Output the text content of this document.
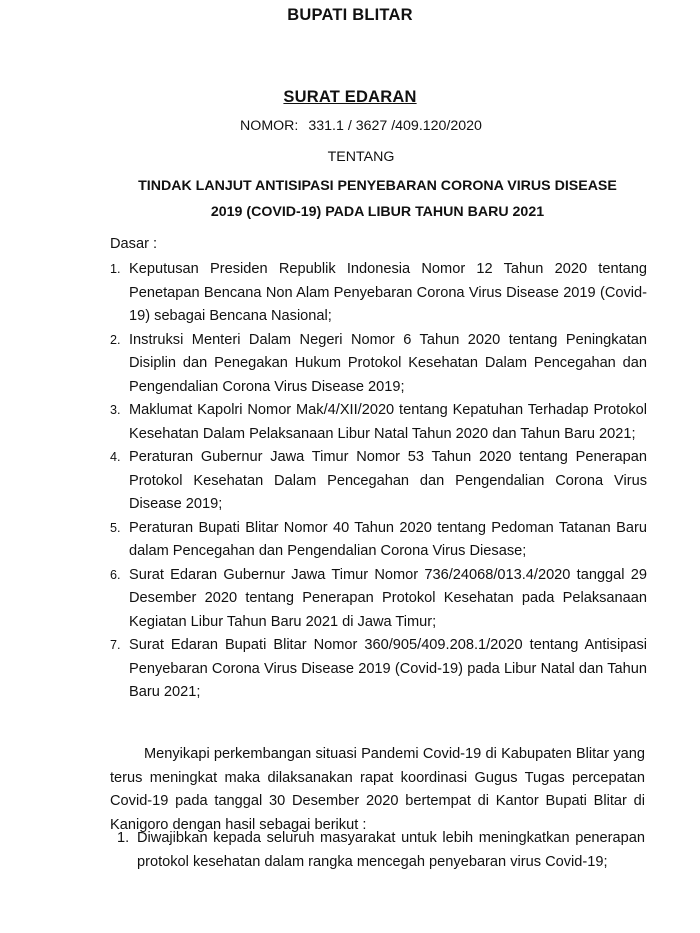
BUPATI BLITAR
SURAT EDARAN
NOMOR: 331.1 / 3627 /409.120/2020
TENTANG
TINDAK LANJUT ANTISIPASI PENYEBARAN CORONA VIRUS DISEASE
2019 (COVID-19) PADA LIBUR TAHUN BARU 2021
Dasar :
1. Keputusan Presiden Republik Indonesia Nomor 12 Tahun 2020 tentang Penetapan Bencana Non Alam Penyebaran Corona Virus Disease 2019 (Covid-19) sebagai Bencana Nasional;
2. Instruksi Menteri Dalam Negeri Nomor 6 Tahun 2020 tentang Peningkatan Disiplin dan Penegakan Hukum Protokol Kesehatan Dalam Pencegahan dan Pengendalian Corona Virus Disease 2019;
3. Maklumat Kapolri Nomor Mak/4/XII/2020 tentang Kepatuhan Terhadap Protokol Kesehatan Dalam Pelaksanaan Libur Natal Tahun 2020 dan Tahun Baru 2021;
4. Peraturan Gubernur Jawa Timur Nomor 53 Tahun 2020 tentang Penerapan Protokol Kesehatan Dalam Pencegahan dan Pengendalian Corona Virus Disease 2019;
5. Peraturan Bupati Blitar Nomor 40 Tahun 2020 tentang Pedoman Tatanan Baru dalam Pencegahan dan Pengendalian Corona Virus Diesase;
6. Surat Edaran Gubernur Jawa Timur Nomor 736/24068/013.4/2020 tanggal 29 Desember 2020 tentang Penerapan Protokol Kesehatan pada Pelaksanaan Kegiatan Libur Tahun Baru 2021 di Jawa Timur;
7. Surat Edaran Bupati Blitar Nomor 360/905/409.208.1/2020 tentang Antisipasi Penyebaran Corona Virus Disease 2019 (Covid-19) pada Libur Natal dan Tahun Baru 2021;

Menyikapi perkembangan situasi Pandemi Covid-19 di Kabupaten Blitar yang terus meningkat maka dilaksanakan rapat koordinasi Gugus Tugas percepatan Covid-19 pada tanggal 30 Desember 2020 bertempat di Kantor Bupati Blitar di Kanigoro dengan hasil sebagai berikut :

1. Diwajibkan kepada seluruh masyarakat untuk lebih meningkatkan penerapan protokol kesehatan dalam rangka mencegah penyebaran virus Covid-19;
